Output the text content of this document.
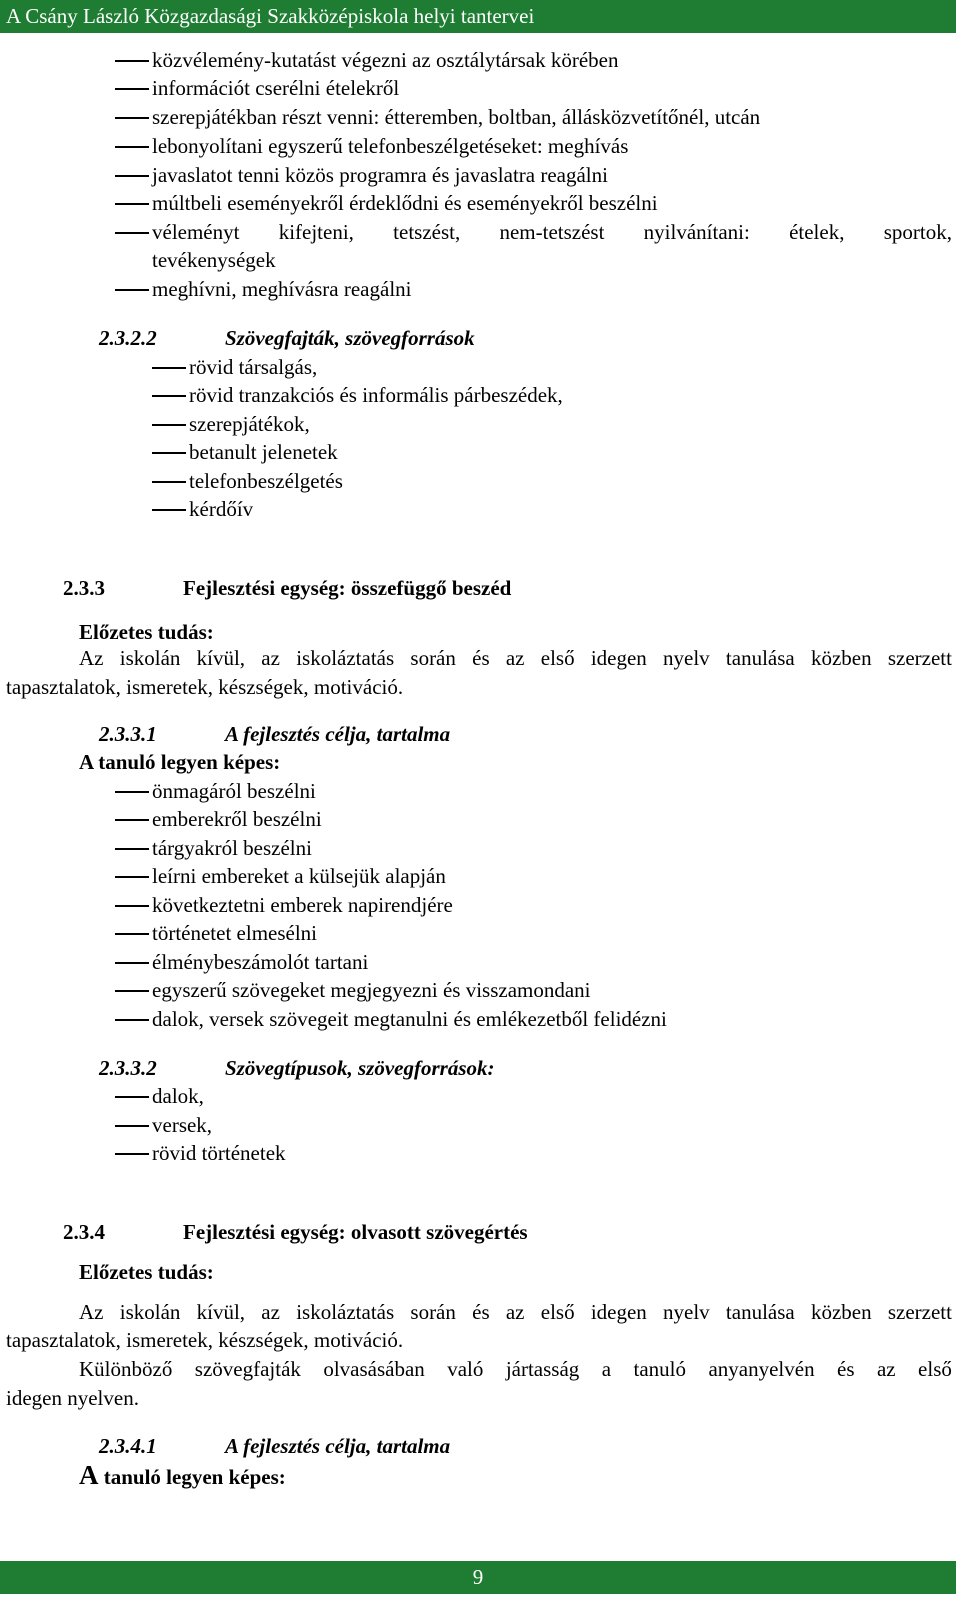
A Csány László Közgazdasági Szakközépiskola helyi tantervei
közvélemény-kutatást végezni az osztálytársak körében
információt cserélni ételekről
szerepjátékban részt venni: étteremben, boltban, állásközvetítőnél, utcán
lebonyolítani egyszerű telefonbeszélgetéseket: meghívás
javaslatot tenni közös programra és javaslatra reagálni
múltbeli eseményekről érdeklődni és eseményekről beszélni
véleményt kifejteni, tetszést, nem-tetszést nyilvánítani: ételek, sportok,
tevékenységek
meghívni, meghívásra reagálni
2.3.2.2	Szövegfajták, szövegforrások
rövid társalgás,
rövid tranzakciós és informális párbeszédek,
szerepjátékok,
betanult jelenetek
telefonbeszélgetés
kérdőív
2.3.3	Fejlesztési egység: összefüggő beszéd
Előzetes tudás:
Az iskolán kívül, az iskoláztatás során és az első idegen nyelv tanulása közben szerzett
tapasztalatok, ismeretek, készségek, motiváció.
2.3.3.1	A fejlesztés célja, tartalma
A tanuló legyen képes:
önmagáról beszélni
emberekről beszélni
tárgyakról beszélni
leírni embereket a külsejük alapján
következtetni emberek napirendjére
történetet elmesélni
élménybeszámolót tartani
egyszerű szövegeket megjegyezni és visszamondani
dalok, versek szövegeit megtanulni és emlékezetből felidézni
2.3.3.2	Szövegtípusok, szövegforrások:
dalok,
versek,
rövid történetek
2.3.4	Fejlesztési egység: olvasott szövegértés
Előzetes tudás:
Az iskolán kívül, az iskoláztatás során és az első idegen nyelv tanulása közben szerzett
tapasztalatok, ismeretek, készségek, motiváció.
Különböző szövegfajták olvasásában való jártasság a tanuló anyanyelvén és az első
idegen nyelven.
2.3.4.1	A fejlesztés célja, tartalma
A tanuló legyen képes:
9
